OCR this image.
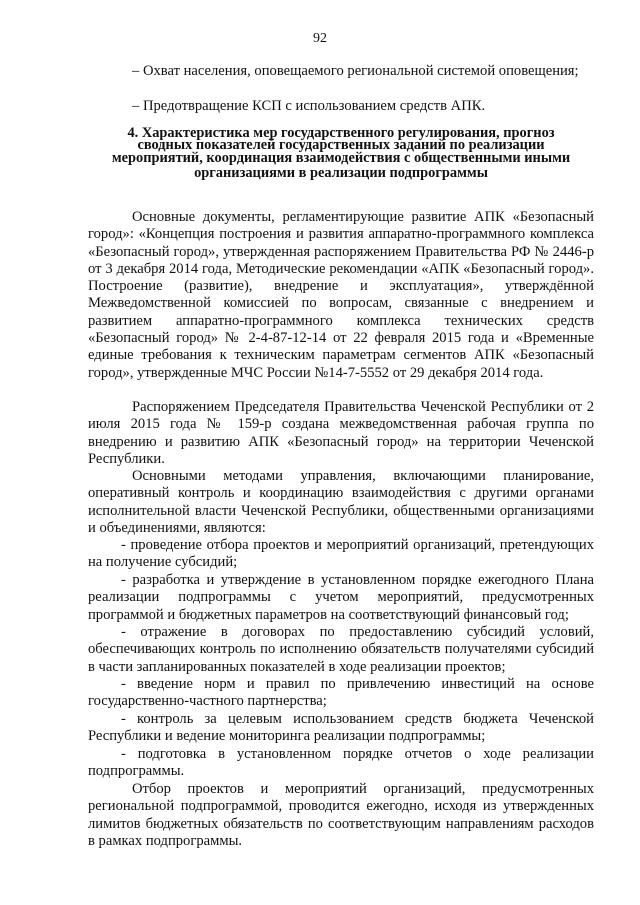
92

– Охват населения, оповещаемого региональной системой оповещения;

– Предотвращение КСП с использованием средств АПК.

4. Характеристика мер государственного регулирования, прогноз
сводных показателей государственных заданий по реализации
мероприятий, координация взаимодействия с общественными иными
организациями в реализации подпрограммы

Основные документы, регламентирующие развитие АПК «Безопасный город»: «Концепция построения и развития аппаратно-программного комплекса «Безопасный город», утвержденная распоряжением Правительства РФ № 2446-р от 3 декабря 2014 года, Методические рекомендации «АПК «Безопасный город». Построение (развитие), внедрение и эксплуатация», утверждённой Межведомственной комиссией по вопросам, связанные с внедрением и развитием аппаратно-программного комплекса технических средств «Безопасный город» № 2-4-87-12-14 от 22 февраля 2015 года и «Временные единые требования к техническим параметрам сегментов АПК «Безопасный город», утвержденные МЧС России №14-7-5552 от 29 декабря 2014 года.

Распоряжением Председателя Правительства Чеченской Республики от 2 июля 2015 года № 159-р создана межведомственная рабочая группа по внедрению и развитию АПК «Безопасный город» на территории Чеченской Республики.

Основными методами управления, включающими планирование, оперативный контроль и координацию взаимодействия с другими органами исполнительной власти Чеченской Республики, общественными организациями и объединениями, являются:

- проведение отбора проектов и мероприятий организаций, претендующих на получение субсидий;

- разработка и утверждение в установленном порядке ежегодного Плана реализации подпрограммы с учетом мероприятий, предусмотренных программой и бюджетных параметров на соответствующий финансовый год;

- отражение в договорах по предоставлению субсидий условий, обеспечивающих контроль по исполнению обязательств получателями субсидий в части запланированных показателей в ходе реализации проектов;

- введение норм и правил по привлечению инвестиций на основе государственно-частного партнерства;

- контроль за целевым использованием средств бюджета Чеченской Республики и ведение мониторинга реализации подпрограммы;

- подготовка в установленном порядке отчетов о ходе реализации подпрограммы.

Отбор проектов и мероприятий организаций, предусмотренных региональной подпрограммой, проводится ежегодно, исходя из утвержденных лимитов бюджетных обязательств по соответствующим направлениям расходов в рамках подпрограммы.
